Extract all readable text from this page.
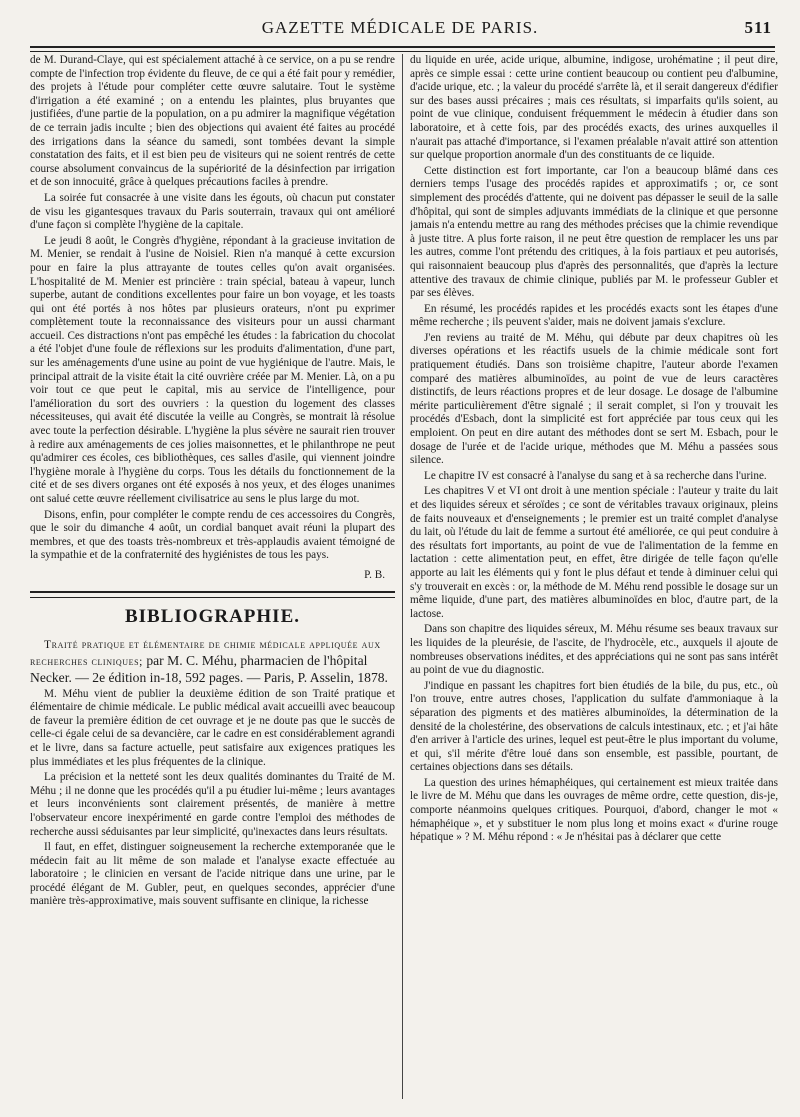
GAZETTE MÉDICALE DE PARIS.	511

de M. Durand-Claye, qui est spécialement attaché à ce service, on a pu se rendre compte de l'infection trop évidente du fleuve, de ce qui a été fait pour y remédier, des projets à l'étude pour compléter cette œuvre salutaire. Tout le système d'irrigation a été examiné ; on a entendu les plaintes, plus bruyantes que justifiées, d'une partie de la population, on a pu admirer la magnifique végétation de ce terrain jadis inculte ; bien des objections qui avaient été faites au procédé des irrigations dans la séance du samedi, sont tombées devant la simple constatation des faits, et il est bien peu de visiteurs qui ne soient rentrés de cette course absolument convaincus de la supériorité de la désinfection par irrigation et de son innocuité, grâce à quelques précautions faciles à prendre.

La soirée fut consacrée à une visite dans les égouts, où chacun put constater de visu les gigantesques travaux du Paris souterrain, travaux qui ont amélioré d'une façon si complète l'hygiène de la capitale.

Le jeudi 8 août, le Congrès d'hygiène, répondant à la gracieuse invitation de M. Menier, se rendait à l'usine de Noisiel. Rien n'a manqué à cette excursion pour en faire la plus attrayante de toutes celles qu'on avait organisées. L'hospitalité de M. Menier est princière : train spécial, bateau à vapeur, lunch superbe, autant de conditions excellentes pour faire un bon voyage, et les toasts qui ont été portés à nos hôtes par plusieurs orateurs, n'ont pu exprimer complètement toute la reconnaissance des visiteurs pour un aussi charmant accueil. Ces distractions n'ont pas empêché les études : la fabrication du chocolat a été l'objet d'une foule de réflexions sur les produits d'alimentation, d'une part, sur les aménagements d'une usine au point de vue hygiénique de l'autre. Mais, le principal attrait de la visite était la cité ouvrière créée par M. Menier. Là, on a pu voir tout ce que peut le capital, mis au service de l'intelligence, pour l'amélioration du sort des ouvriers : la question du logement des classes nécessiteuses, qui avait été discutée la veille au Congrès, se montrait là résolue avec toute la perfection désirable. L'hygiène la plus sévère ne saurait rien trouver à redire aux aménagements de ces jolies maisonnettes, et le philanthrope ne peut qu'admirer ces écoles, ces bibliothèques, ces salles d'asile, qui viennent joindre l'hygiène morale à l'hygiène du corps. Tous les détails du fonctionnement de la cité et de ses divers organes ont été exposés à nos yeux, et des éloges unanimes ont salué cette œuvre réellement civilisatrice au sens le plus large du mot.

Disons, enfin, pour compléter le compte rendu de ces accessoires du Congrès, que le soir du dimanche 4 août, un cordial banquet avait réuni la plupart des membres, et que des toasts très-nombreux et très-applaudis avaient témoigné de la sympathie et de la confraternité des hygiénistes de tous les pays.

P. B.
BIBLIOGRAPHIE.

Traité pratique et élémentaire de chimie médicale appliquée aux recherches cliniques; par M. C. Méhu, pharmacien de l'hôpital Necker. — 2e édition in-18, 592 pages. — Paris, P. Asselin, 1878.

M. Méhu vient de publier la deuxième édition de son Traité pratique et élémentaire de chimie médicale. Le public médical avait accueilli avec beaucoup de faveur la première édition de cet ouvrage et je ne doute pas que le succès de celle-ci égale celui de sa devancière, car le cadre en est considérablement agrandi et le livre, dans sa facture actuelle, peut satisfaire aux exigences pratiques les plus immédiates et les plus fréquentes de la clinique.

La précision et la netteté sont les deux qualités dominantes du Traité de M. Méhu ; il ne donne que les procédés qu'il a pu étudier lui-même ; leurs avantages et leurs inconvénients sont clairement présentés, de manière à mettre l'observateur encore inexpérimenté en garde contre l'emploi des méthodes de recherche aussi séduisantes par leur simplicité, qu'inexactes dans leurs résultats.

Il faut, en effet, distinguer soigneusement la recherche extemporanée que le médecin fait au lit même de son malade et l'analyse exacte effectuée au laboratoire ; le clinicien en versant de l'acide nitrique dans une urine, par le procédé élégant de M. Gubler, peut, en quelques secondes, apprécier d'une manière très-approximative, mais souvent suffisante en clinique, la richesse

du liquide en urée, acide urique, albumine, indigose, urohématine ; il peut dire, après ce simple essai : cette urine contient beaucoup ou contient peu d'albumine, d'acide urique, etc. ; la valeur du procédé s'arrête là, et il serait dangereux d'édifier sur des bases aussi précaires ; mais ces résultats, si imparfaits qu'ils soient, au point de vue clinique, conduisent fréquemment le médecin à étudier dans son laboratoire, et à cette fois, par des procédés exacts, des urines auxquelles il n'aurait pas attaché d'importance, si l'examen préalable n'avait attiré son attention sur quelque proportion anormale d'un des constituants de ce liquide.

Cette distinction est fort importante, car l'on a beaucoup blâmé dans ces derniers temps l'usage des procédés rapides et approximatifs ; or, ce sont simplement des procédés d'attente, qui ne doivent pas dépasser le seuil de la salle d'hôpital, qui sont de simples adjuvants immédiats de la clinique et que personne jamais n'a entendu mettre au rang des méthodes précises que la chimie revendique à juste titre. A plus forte raison, il ne peut être question de remplacer les uns par les autres, comme l'ont prétendu des critiques, à la fois partiaux et peu autorisés, qui raisonnaient beaucoup plus d'après des personnalités, que d'après la lecture attentive des travaux de chimie clinique, publiés par M. le professeur Gubler et par ses élèves.

En résumé, les procédés rapides et les procédés exacts sont les étapes d'une même recherche ; ils peuvent s'aider, mais ne doivent jamais s'exclure.

J'en reviens au traité de M. Méhu, qui débute par deux chapitres où les diverses opérations et les réactifs usuels de la chimie médicale sont fort pratiquement étudiés. Dans son troisième chapitre, l'auteur aborde l'examen comparé des matières albuminoïdes, au point de vue de leurs caractères distinctifs, de leurs réactions propres et de leur dosage. Le dosage de l'albumine mérite particulièrement d'être signalé ; il serait complet, si l'on y trouvait les procédés d'Esbach, dont la simplicité est fort appréciée par tous ceux qui les emploient. On peut en dire autant des méthodes dont se sert M. Esbach, pour le dosage de l'urée et de l'acide urique, méthodes que M. Méhu a passées sous silence.

Le chapitre IV est consacré à l'analyse du sang et à sa recherche dans l'urine.

Les chapitres V et VI ont droit à une mention spéciale : l'auteur y traite du lait et des liquides séreux et séroïdes ; ce sont de véritables travaux originaux, pleins de faits nouveaux et d'enseignements ; le premier est un traité complet d'analyse du lait, où l'étude du lait de femme a surtout été améliorée, ce qui peut conduire à des résultats fort importants, au point de vue de l'alimentation de la femme en lactation : cette alimentation peut, en effet, être dirigée de telle façon qu'elle apporte au lait les éléments qui y font le plus défaut et tende à diminuer celui qui s'y trouverait en excès : or, la méthode de M. Méhu rend possible le dosage sur un même liquide, d'une part, des matières albuminoïdes en bloc, d'autre part, de la lactose.

Dans son chapitre des liquides séreux, M. Méhu résume ses beaux travaux sur les liquides de la pleurésie, de l'ascite, de l'hydrocèle, etc., auxquels il ajoute de nombreuses observations inédites, et des appréciations qui ne sont pas sans intérêt au point de vue du diagnostic.

J'indique en passant les chapitres fort bien étudiés de la bile, du pus, etc., où l'on trouve, entre autres choses, l'application du sulfate d'ammoniaque à la séparation des pigments et des matières albuminoïdes, la détermination de la densité de la cholestérine, des observations de calculs intestinaux, etc. ; et j'ai hâte d'en arriver à l'article des urines, lequel est peut-être le plus important du volume, et qui, s'il mérite d'être loué dans son ensemble, est passible, pourtant, de certaines objections dans ses détails.

La question des urines hémaphéiques, qui certainement est mieux traitée dans le livre de M. Méhu que dans les ouvrages de même ordre, cette question, dis-je, comporte néanmoins quelques critiques. Pourquoi, d'abord, changer le mot « hémaphéique », et y substituer le nom plus long et moins exact « d'urine rouge hépatique » ? M. Méhu répond : « Je n'hésitai pas à déclarer que cette
